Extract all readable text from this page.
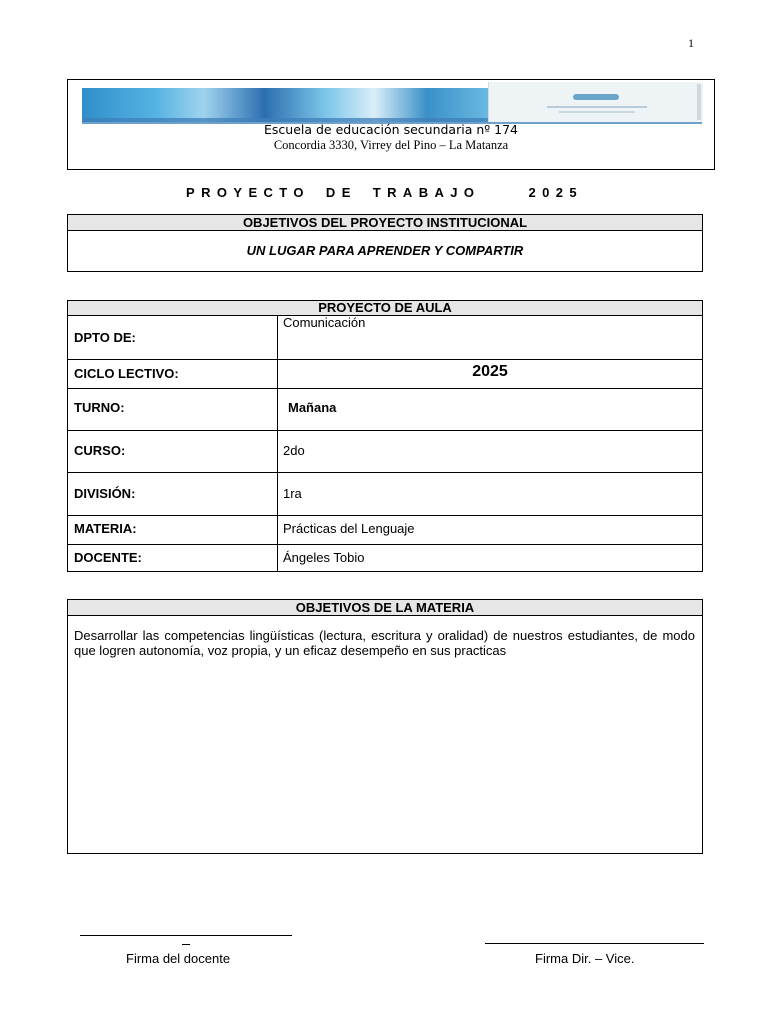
1
Escuela de educación secundaria nº 174
Concordia 3330, Virrey del Pino – La Matanza
PROYECTO DE TRABAJO   2025
OBJETIVOS DEL PROYECTO INSTITUCIONAL
UN LUGAR PARA APRENDER Y COMPARTIR
PROYECTO DE AULA
DPTO DE:
Comunicación
CICLO LECTIVO:	2025
TURNO:	Mañana
CURSO:	2do
DIVISIÓN:	1ra
MATERIA:	Prácticas del Lenguaje
DOCENTE:	Ángeles Tobio
OBJETIVOS DE LA MATERIA
Desarrollar las competencias lingüísticas (lectura, escritura y oralidad) de nuestros estudiantes, de modo que logren autonomía, voz propia, y un eficaz desempeño en sus practicas
Firma del docente	Firma Dir. – Vice.
